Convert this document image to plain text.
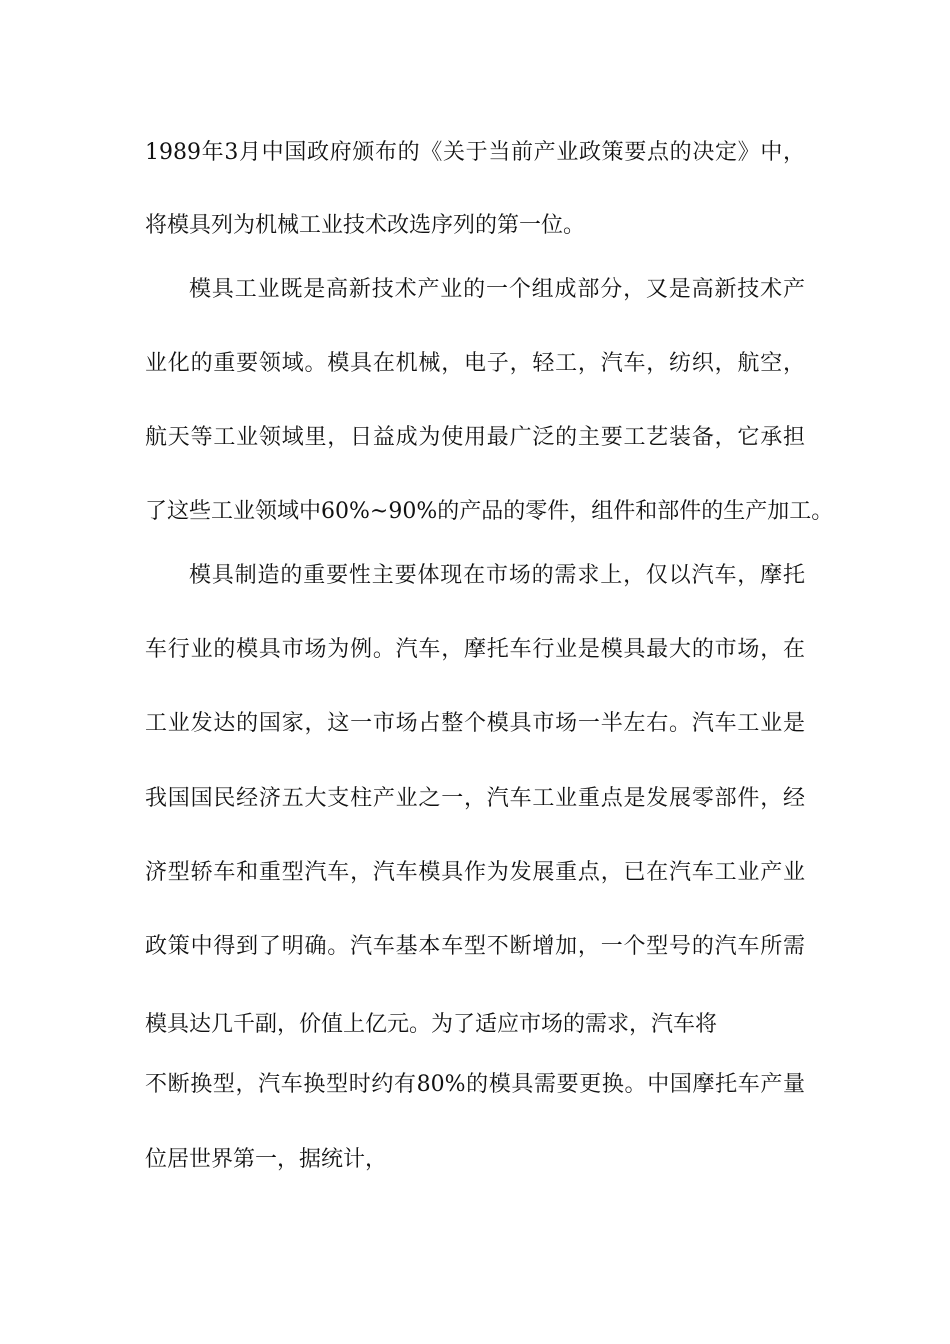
1989年3月中国政府颁布的《关于当前产业政策要点的决定》中，
将模具列为机械工业技术改选序列的第一位。
模具工业既是高新技术产业的一个组成部分，又是高新技术产
业化的重要领域。模具在机械，电子，轻工，汽车，纺织，航空，
航天等工业领域里，日益成为使用最广泛的主要工艺装备，它承担
了这些工业领域中60%~90%的产品的零件，组件和部件的生产加工。
模具制造的重要性主要体现在市场的需求上，仅以汽车，摩托
车行业的模具市场为例。汽车，摩托车行业是模具最大的市场，在
工业发达的国家，这一市场占整个模具市场一半左右。汽车工业是
我国国民经济五大支柱产业之一，汽车工业重点是发展零部件，经
济型轿车和重型汽车，汽车模具作为发展重点，已在汽车工业产业
政策中得到了明确。汽车基本车型不断增加，一个型号的汽车所需
模具达几千副，价值上亿元。为了适应市场的需求，汽车将
不断换型，汽车换型时约有80%的模具需要更换。中国摩托车产量
位居世界第一，据统计，
